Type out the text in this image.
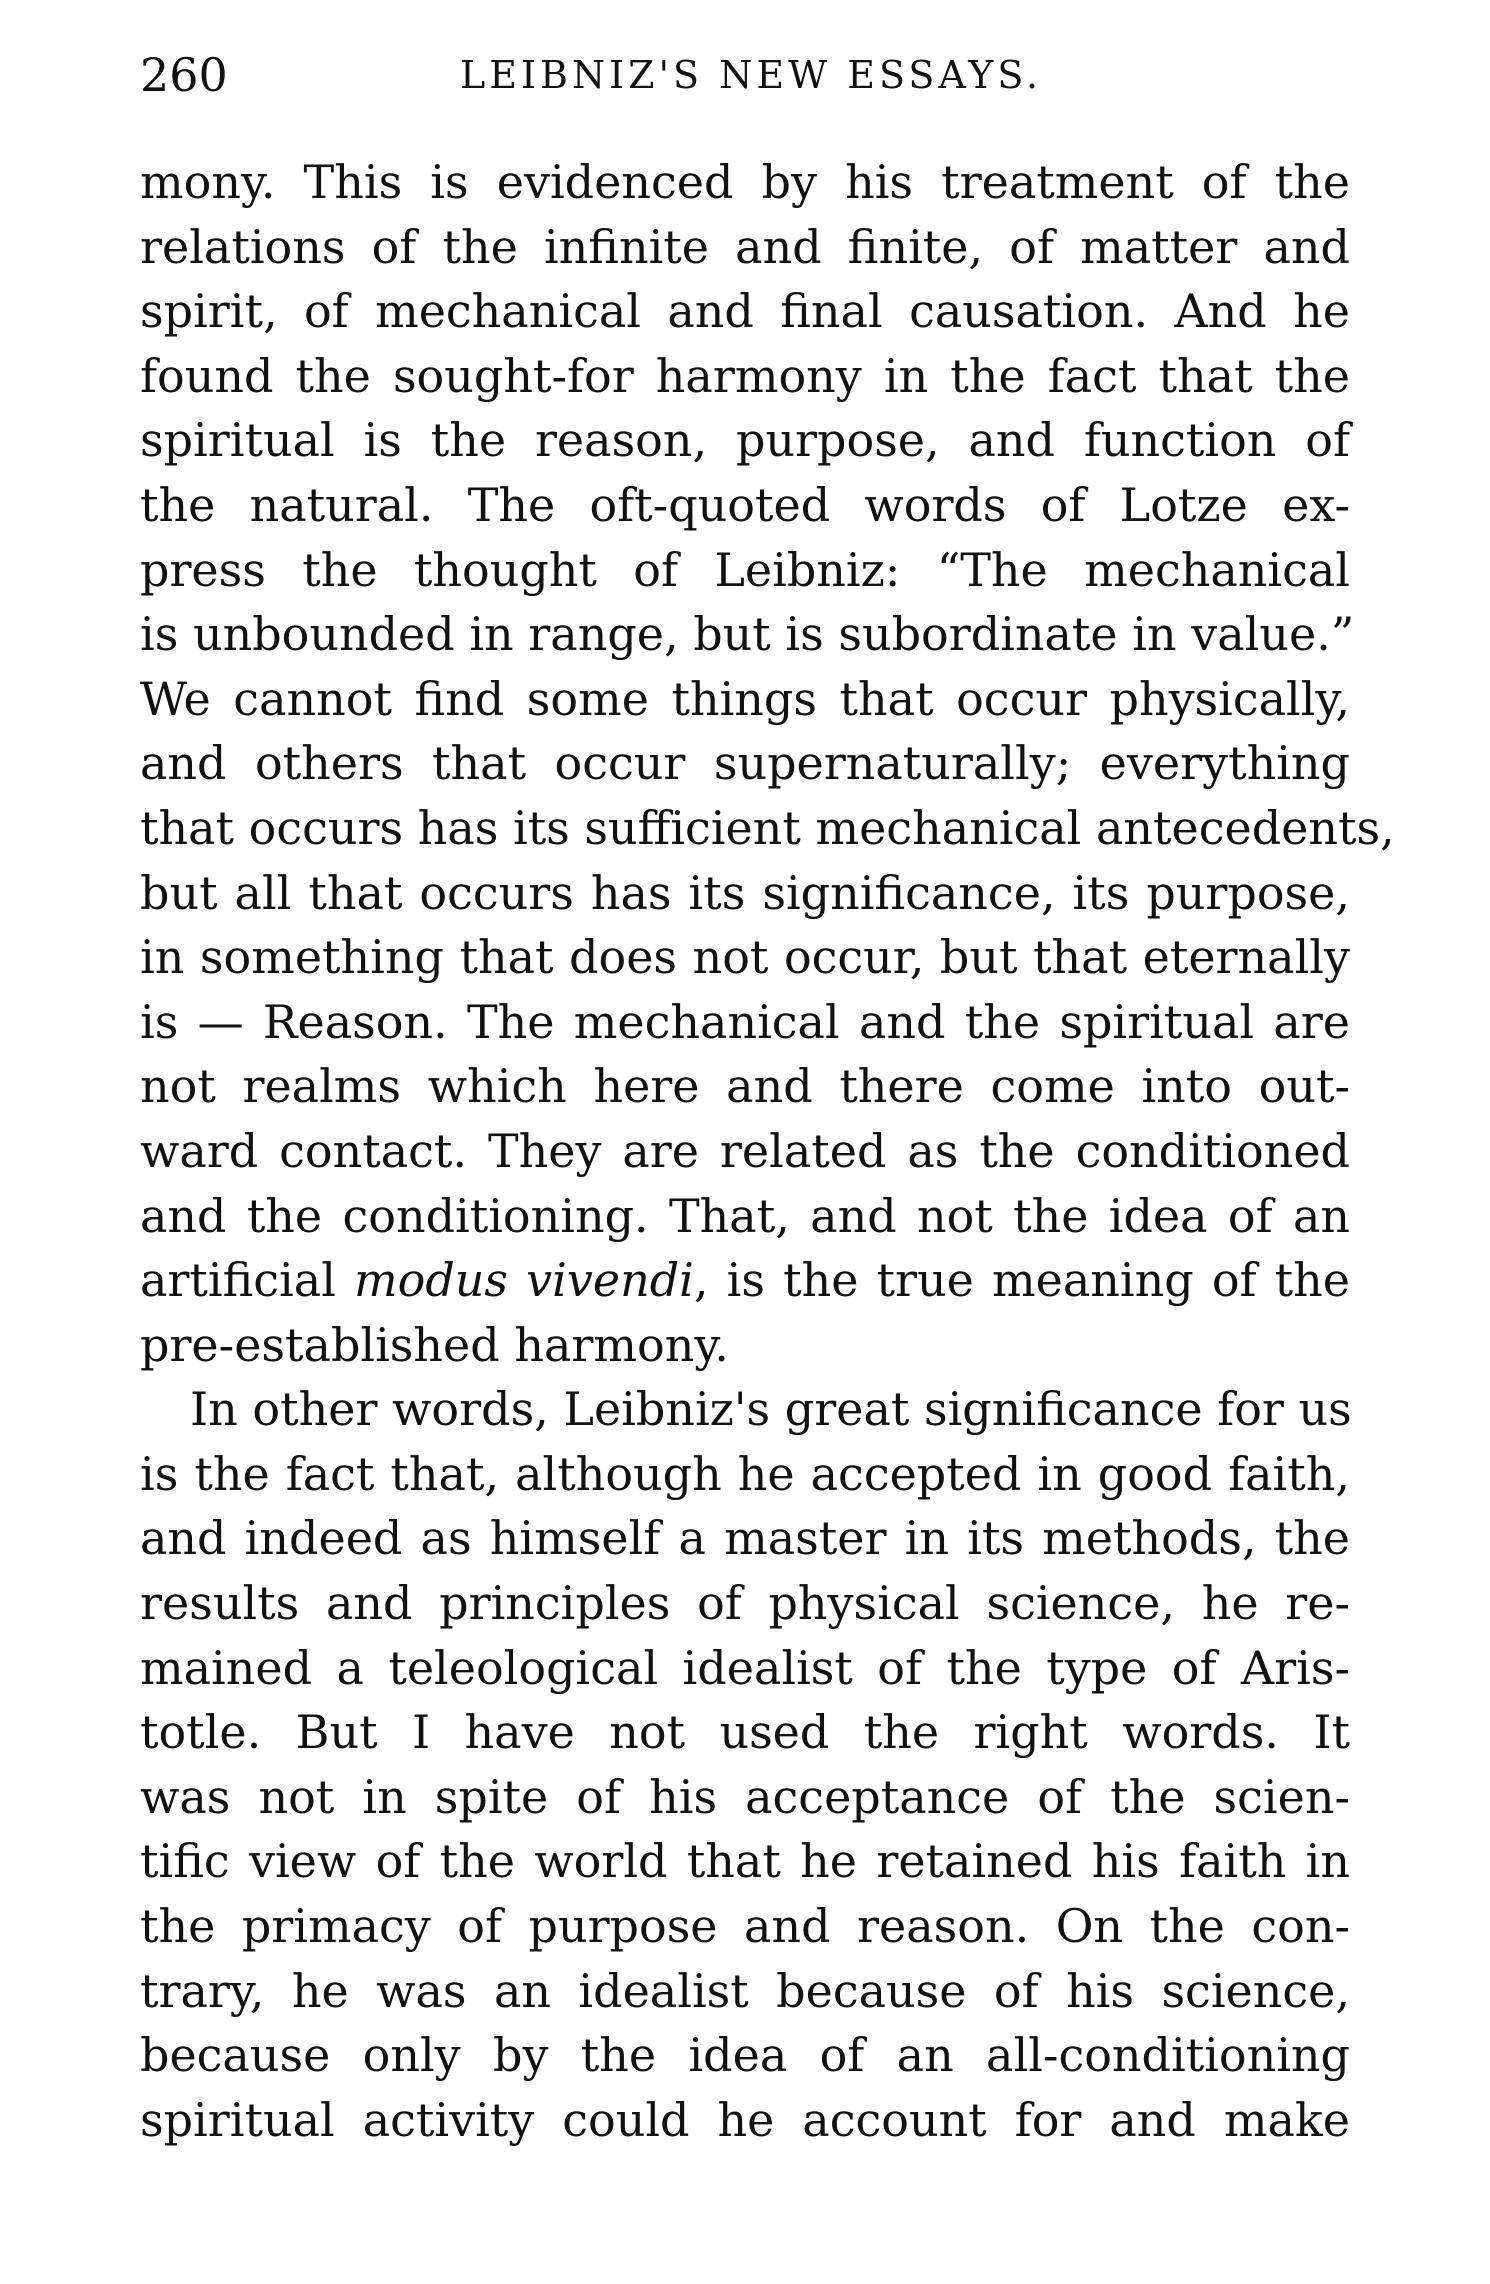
260	LEIBNIZ'S NEW ESSAYS.
mony. This is evidenced by his treatment of the
relations of the infinite and finite, of matter and
spirit, of mechanical and final causation. And he
found the sought-for harmony in the fact that the
spiritual is the reason, purpose, and function of
the natural. The oft-quoted words of Lotze ex-
press the thought of Leibniz: “The mechanical
is unbounded in range, but is subordinate in value.”
We cannot find some things that occur physically,
and others that occur supernaturally; everything
that occurs has its sufficient mechanical antecedents,
but all that occurs has its significance, its purpose,
in something that does not occur, but that eternally
is — Reason. The mechanical and the spiritual are
not realms which here and there come into out-
ward contact. They are related as the conditioned
and the conditioning. That, and not the idea of an
artificial modus vivendi, is the true meaning of the
pre-established harmony.
In other words, Leibniz's great significance for us
is the fact that, although he accepted in good faith,
and indeed as himself a master in its methods, the
results and principles of physical science, he re-
mained a teleological idealist of the type of Aris-
totle. But I have not used the right words. It
was not in spite of his acceptance of the scien-
tific view of the world that he retained his faith in
the primacy of purpose and reason. On the con-
trary, he was an idealist because of his science,
because only by the idea of an all-conditioning
spiritual activity could he account for and make
